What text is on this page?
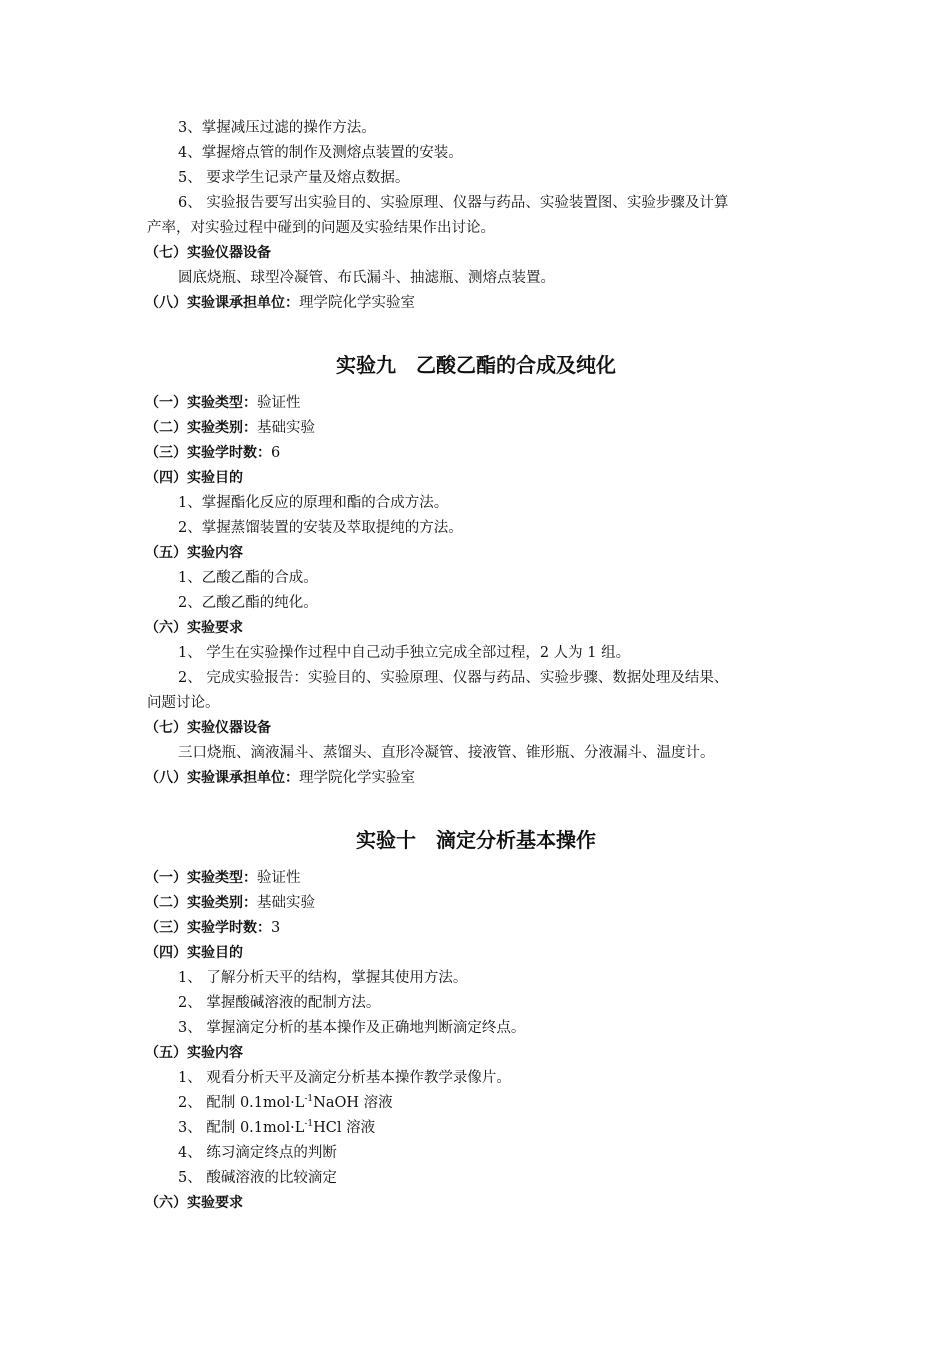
3、掌握减压过滤的操作方法。
4、掌握熔点管的制作及测熔点装置的安装。
5、 要求学生记录产量及熔点数据。
6、 实验报告要写出实验目的、实验原理、仪器与药品、实验装置图、实验步骤及计算
产率，对实验过程中碰到的问题及实验结果作出讨论。
（七）实验仪器设备
圆底烧瓶、球型冷凝管、布氏漏斗、抽滤瓶、测熔点装置。
（八）实验课承担单位：理学院化学实验室
实验九　乙酸乙酯的合成及纯化
（一）实验类型：验证性
（二）实验类别：基础实验
（三）实验学时数：6
（四）实验目的
1、掌握酯化反应的原理和酯的合成方法。
2、掌握蒸馏装置的安装及萃取提纯的方法。
（五）实验内容
1、乙酸乙酯的合成。
2、乙酸乙酯的纯化。
（六）实验要求
1、 学生在实验操作过程中自己动手独立完成全部过程，2 人为 1 组。
2、 完成实验报告：实验目的、实验原理、仪器与药品、实验步骤、数据处理及结果、
问题讨论。
（七）实验仪器设备
三口烧瓶、滴液漏斗、蒸馏头、直形冷凝管、接液管、锥形瓶、分液漏斗、温度计。
（八）实验课承担单位：理学院化学实验室
实验十　滴定分析基本操作
（一）实验类型：验证性
（二）实验类别：基础实验
（三）实验学时数：3
（四）实验目的
1、 了解分析天平的结构，掌握其使用方法。
2、 掌握酸碱溶液的配制方法。
3、 掌握滴定分析的基本操作及正确地判断滴定终点。
（五）实验内容
1、 观看分析天平及滴定分析基本操作教学录像片。
2、 配制 $0.1mol\cdot L^{-1}NaOH$ 溶液
3、 配制 $0.1mol\cdot L^{-1}HCl$ 溶液
4、 练习滴定终点的判断
5、 酸碱溶液的比较滴定
（六）实验要求
